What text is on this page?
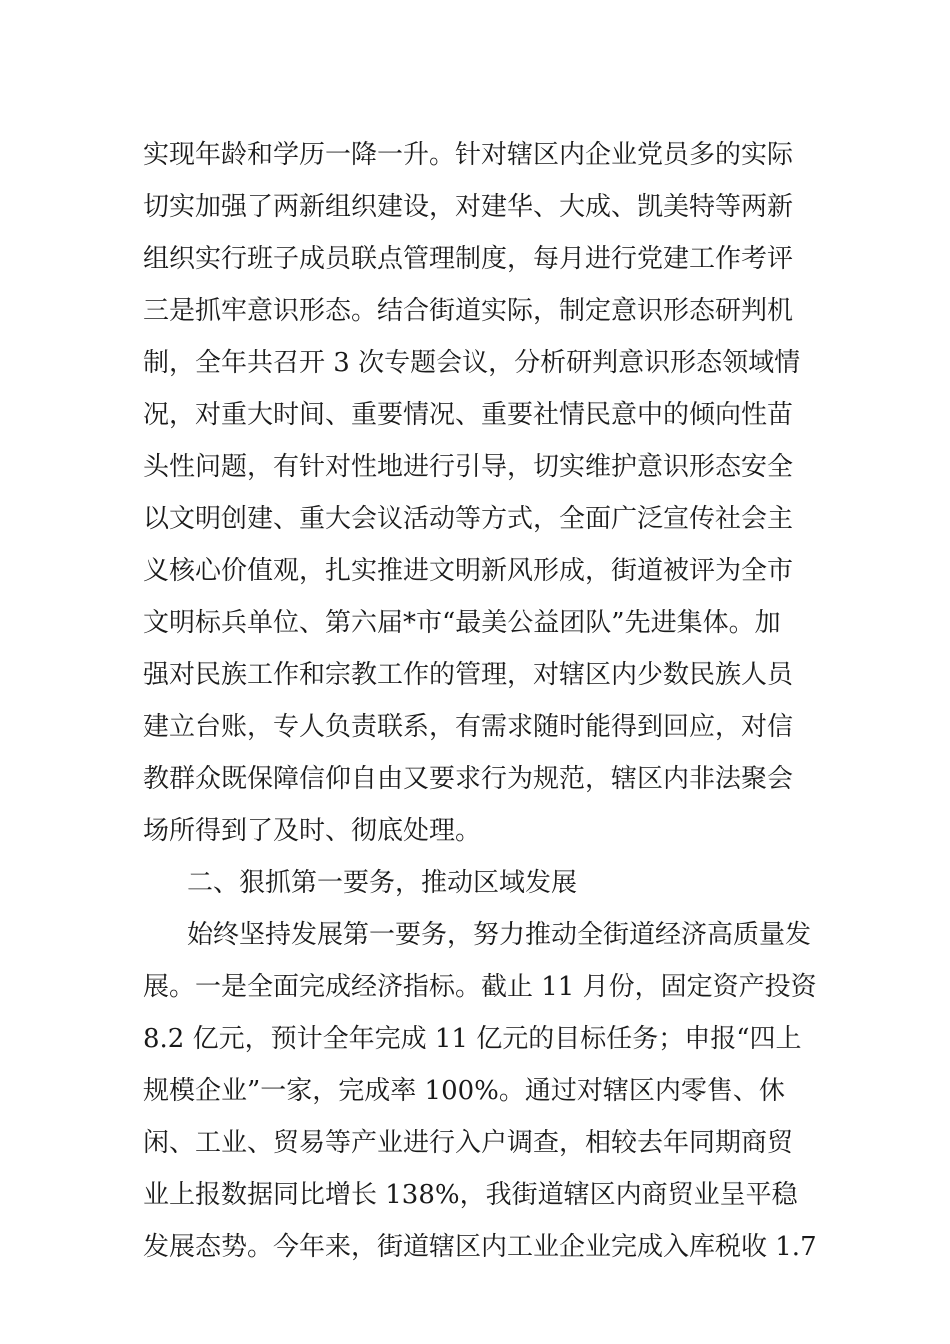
实现年龄和学历一降一升。针对辖区内企业党员多的实际
切实加强了两新组织建设，对建华、大成、凯美特等两新
组织实行班子成员联点管理制度，每月进行党建工作考评
三是抓牢意识形态。结合街道实际，制定意识形态研判机
制，全年共召开 3 次专题会议，分析研判意识形态领域情
况，对重大时间、重要情况、重要社情民意中的倾向性苗
头性问题，有针对性地进行引导，切实维护意识形态安全
以文明创建、重大会议活动等方式，全面广泛宣传社会主
义核心价值观，扎实推进文明新风形成，街道被评为全市
文明标兵单位、第六届*市“最美公益团队”先进集体。加
强对民族工作和宗教工作的管理，对辖区内少数民族人员
建立台账，专人负责联系，有需求随时能得到回应，对信
教群众既保障信仰自由又要求行为规范，辖区内非法聚会
场所得到了及时、彻底处理。
二、狠抓第一要务，推动区域发展
始终坚持发展第一要务，努力推动全街道经济高质量发
展。一是全面完成经济指标。截止 11 月份，固定资产投资
8.2 亿元，预计全年完成 11 亿元的目标任务；申报“四上
规模企业”一家，完成率 100%。通过对辖区内零售、休
闲、工业、贸易等产业进行入户调查，相较去年同期商贸
业上报数据同比增长 138%，我街道辖区内商贸业呈平稳
发展态势。今年来，街道辖区内工业企业完成入库税收 1.7
